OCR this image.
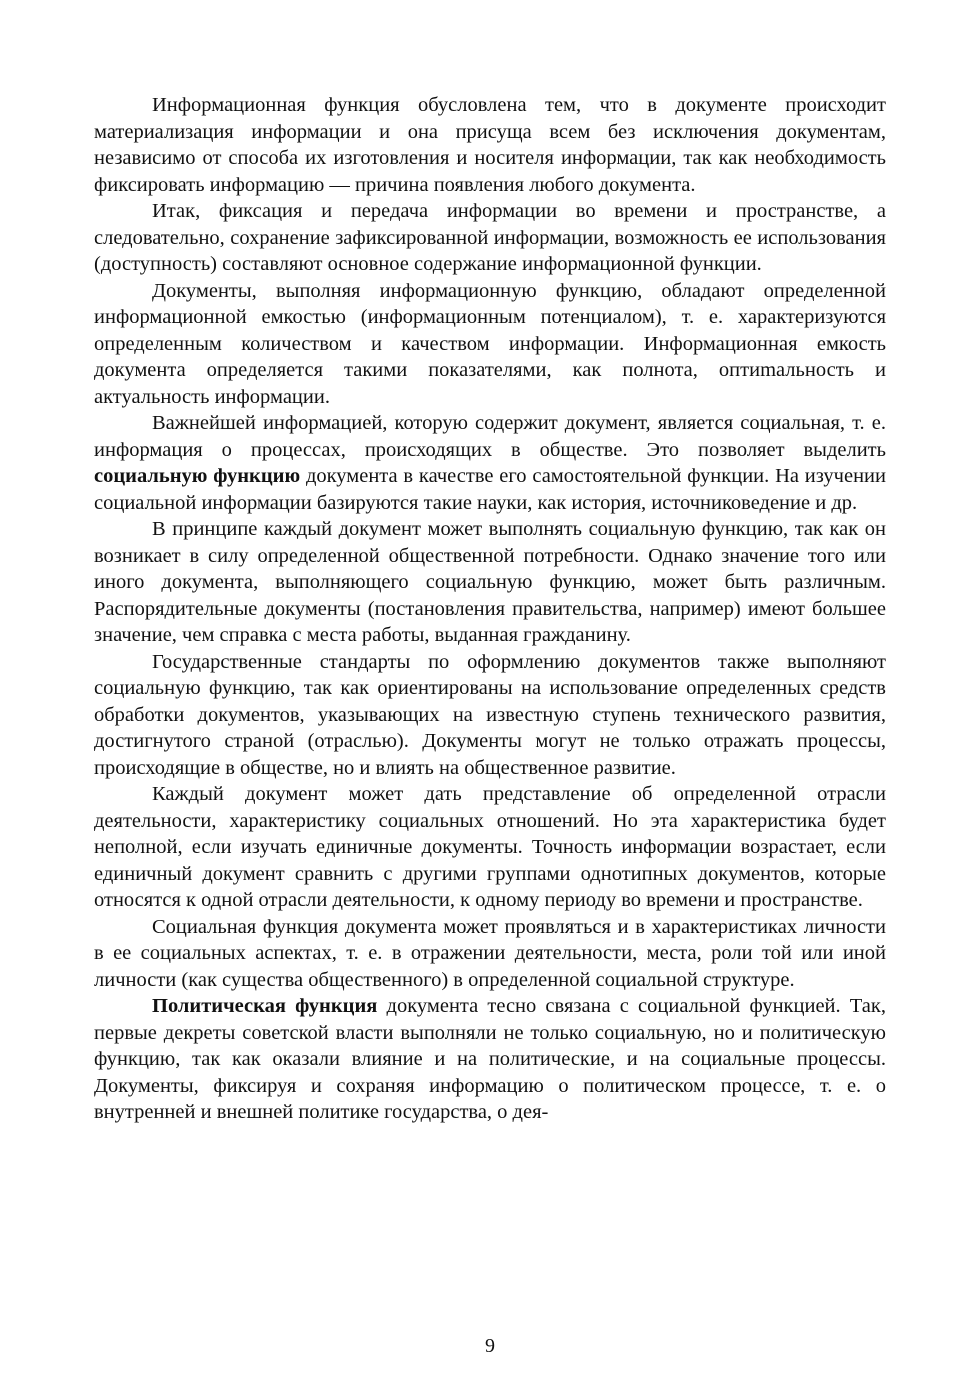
Информационная функция обусловлена тем, что в документе происходит материализация информации и она присуща всем без исключения документам, независимо от способа их изготовления и носителя информации, так как необходимость фиксировать информацию — причина появления любого документа.

Итак, фиксация и передача информации во времени и пространстве, а следовательно, сохранение зафиксированной информации, возможность ее использования (доступность) составляют основное содержание информационной функции.

Документы, выполняя информационную функцию, обладают определенной информационной емкостью (информационным потенциалом), т. е. характеризуются определенным количеством и качеством информации. Информационная емкость документа определяется такими показателями, как полнота, оптиmальность и актуальность информации.

Важнейшей информацией, которую содержит документ, является социальная, т. е. информация о процессах, происходящих в обществе. Это позволяет выделить социальную функцию документа в качестве его самостоятельной функции. На изучении социальной информации базируются такие науки, как история, источниковедение и др.

В принципе каждый документ может выполнять социальную функцию, так как он возникает в силу определенной общественной потребности. Однако значение того или иного документа, выполняющего социальную функцию, может быть различным. Распорядительные документы (постановления правительства, например) имеют большее значение, чем справка с места работы, выданная гражданину.

Государственные стандарты по оформлению документов также выполняют социальную функцию, так как ориентированы на использование определенных средств обработки документов, указывающих на известную ступень технического развития, достигнутого страной (отраслью). Документы могут не только отражать процессы, происходящие в обществе, но и влиять на общественное развитие.

Каждый документ может дать представление об определенной отрасли деятельности, характеристику социальных отношений. Но эта характеристика будет неполной, если изучать единичные документы. Точность информации возрастает, если единичный документ сравнить с другими группами однотипных документов, которые относятся к одной отрасли деятельности, к одному периоду во времени и пространстве.

Социальная функция документа может проявляться и в характеристиках личности в ее социальных аспектах, т. е. в отражении деятельности, места, роли той или иной личности (как существа общественного) в определенной социальной структуре.

Политическая функция документа тесно связана с социальной функцией. Так, первые декреты советской власти выполняли не только социальную, но и политическую функцию, так как оказали влияние и на политические, и на социальные процессы. Документы, фиксируя и сохраняя информацию о политическом процессе, т. е. о внутренней и внешней политике государства, о дея-

9
